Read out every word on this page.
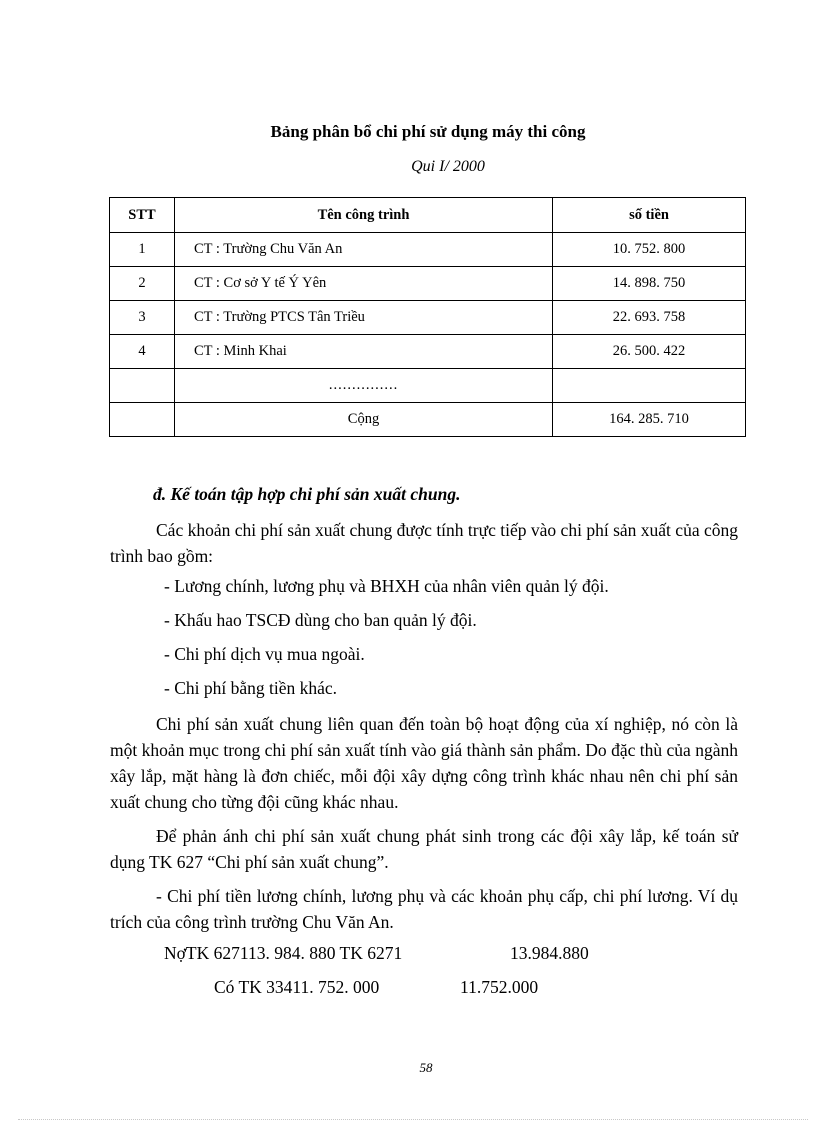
Bảng phân bổ chi phí sử dụng máy thi công
Qui I/ 2000
STT	Tên công trình	số tiền
1	CT : Trường Chu Văn An	10. 752. 800
2	CT : Cơ sở Y tế Ý Yên	14. 898. 750
3	CT : Trường PTCS Tân Triều	22. 693. 758
4	CT : Minh Khai	26. 500. 422
	...............	
	Cộng	164. 285. 710
đ. Kế toán tập hợp chi phí sản xuất chung.
Các khoản chi phí sản xuất chung được tính trực tiếp vào chi phí sản xuất của công trình bao gồm:
- Lương chính, lương phụ và BHXH của nhân viên quản lý đội.
- Khấu hao TSCĐ dùng cho ban quản lý đội.
- Chi phí dịch vụ mua ngoài.
- Chi phí bằng tiền khác.
Chi phí sản xuất chung liên quan đến toàn bộ hoạt động của xí nghiệp, nó còn là một khoản mục trong chi phí sản xuất tính vào giá thành sản phẩm. Do đặc thù của ngành xây lắp, mặt hàng là đơn chiếc, mỗi đội xây dựng công trình khác nhau nên chi phí sản xuất chung cho từng đội cũng khác nhau.
Để phản ánh chi phí sản xuất chung phát sinh trong các đội xây lắp, kế toán sử dụng TK 627 “Chi phí sản xuất chung”.
- Chi phí tiền lương chính, lương phụ và các khoản phụ cấp, chi phí lương. Ví dụ trích của công trình trường Chu Văn An.
NợTK 627113. 984. 880 TK 6271	13.984.880
Có TK 33411. 752. 000	11.752.000
58
